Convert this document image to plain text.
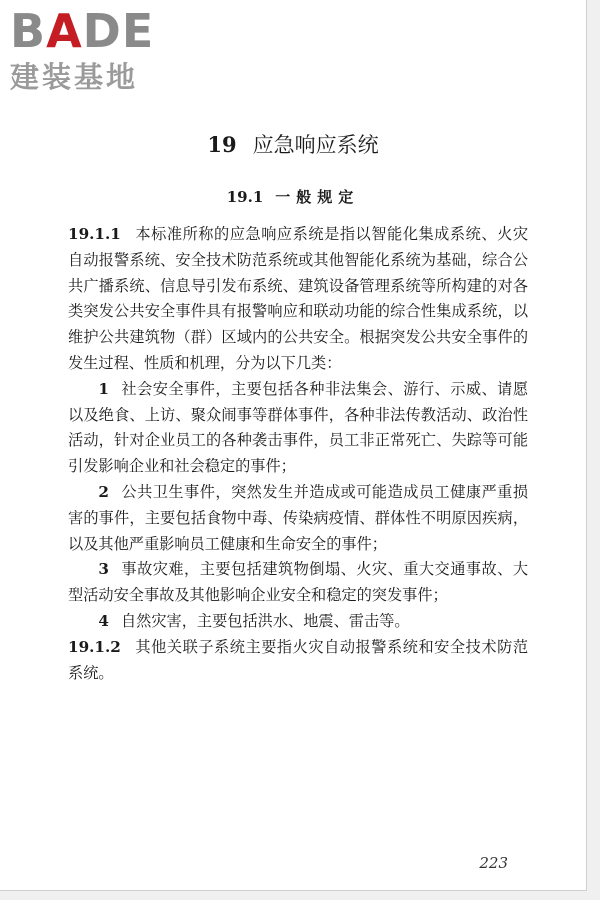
BADE
建装基地
19 应急响应系统
19.1 一般规定

19.1.1 本标准所称的应急响应系统是指以智能化集成系统、火灾自动报警系统、安全技术防范系统或其他智能化系统为基础，综合公共广播系统、信息导引发布系统、建筑设备管理系统等所构建的对各类突发公共安全事件具有报警响应和联动功能的综合性集成系统，以维护公共建筑物（群）区域内的公共安全。根据突发公共安全事件的发生过程、性质和机理，分为以下几类：

1 社会安全事件，主要包括各种非法集会、游行、示威、请愿以及绝食、上访、聚众闹事等群体事件，各种非法传教活动、政治性活动，针对企业员工的各种袭击事件，员工非正常死亡、失踪等可能引发影响企业和社会稳定的事件；

2 公共卫生事件，突然发生并造成或可能造成员工健康严重损害的事件，主要包括食物中毒、传染病疫情、群体性不明原因疾病，以及其他严重影响员工健康和生命安全的事件；

3 事故灾难，主要包括建筑物倒塌、火灾、重大交通事故、大型活动安全事故及其他影响企业安全和稳定的突发事件；

4 自然灾害，主要包括洪水、地震、雷击等。

19.1.2 其他关联子系统主要指火灾自动报警系统和安全技术防范系统。

223
